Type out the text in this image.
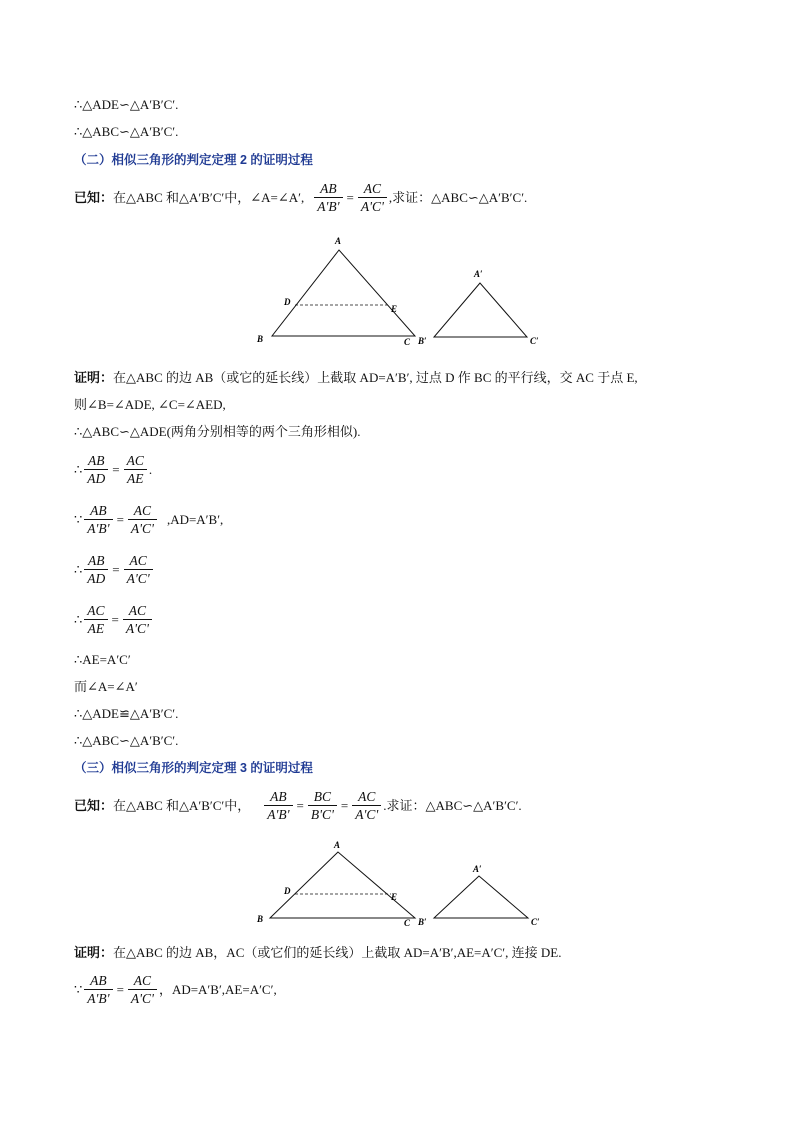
∴△ADE∽△A′B′C′.
∴△ABC∽△A′B′C′.
（二）相似三角形的判定定理 2 的证明过程
已知： 在△ABC 和△A′B′C′中，∠A=∠A′, $\frac{AB}{A'B'} = \frac{AC}{A'C'}$ ,求证：△ABC∽△A′B′C′.
A
B	C
D
E
A′
B′	C′
证明：在△ABC 的边 AB（或它的延长线）上截取 AD=A′B′, 过点 D 作 BC 的平行线，交 AC 于点 E,
则∠B=∠ADE, ∠C=∠AED,
∴△ABC∽△ADE(两角分别相等的两个三角形相似).
∴ $\frac{AB}{AD} = \frac{AC}{AE}$ .
∵ $\frac{AB}{A'B'} = \frac{AC}{A'C'} ,AD=A'B'$,
∴ $\frac{AB}{AD} = \frac{AC}{A'C'}$
∴ $\frac{AC}{AE} = \frac{AC}{A'C'}$
∴AE=A′C′
而∠A=∠A′
∴△ADE≌△A′B′C′.
∴△ABC∽△A′B′C′.
（三）相似三角形的判定定理 3 的证明过程
已知： 在△ABC 和△A′B′C′中， $\frac{AB}{A'B'} = \frac{BC}{B'C'} = \frac{AC}{A'C'}$ .求证：△ABC∽△A′B′C′.
A
B	C
D
E
A′
B′	C′
证明：在△ABC 的边 AB，AC（或它们的延长线）上截取 AD=A′B′,AE=A′C′, 连接 DE.
∵ $\frac{AB}{A'B'} = \frac{AC}{A'C'}$ ，AD=A′B′,AE=A′C′,
